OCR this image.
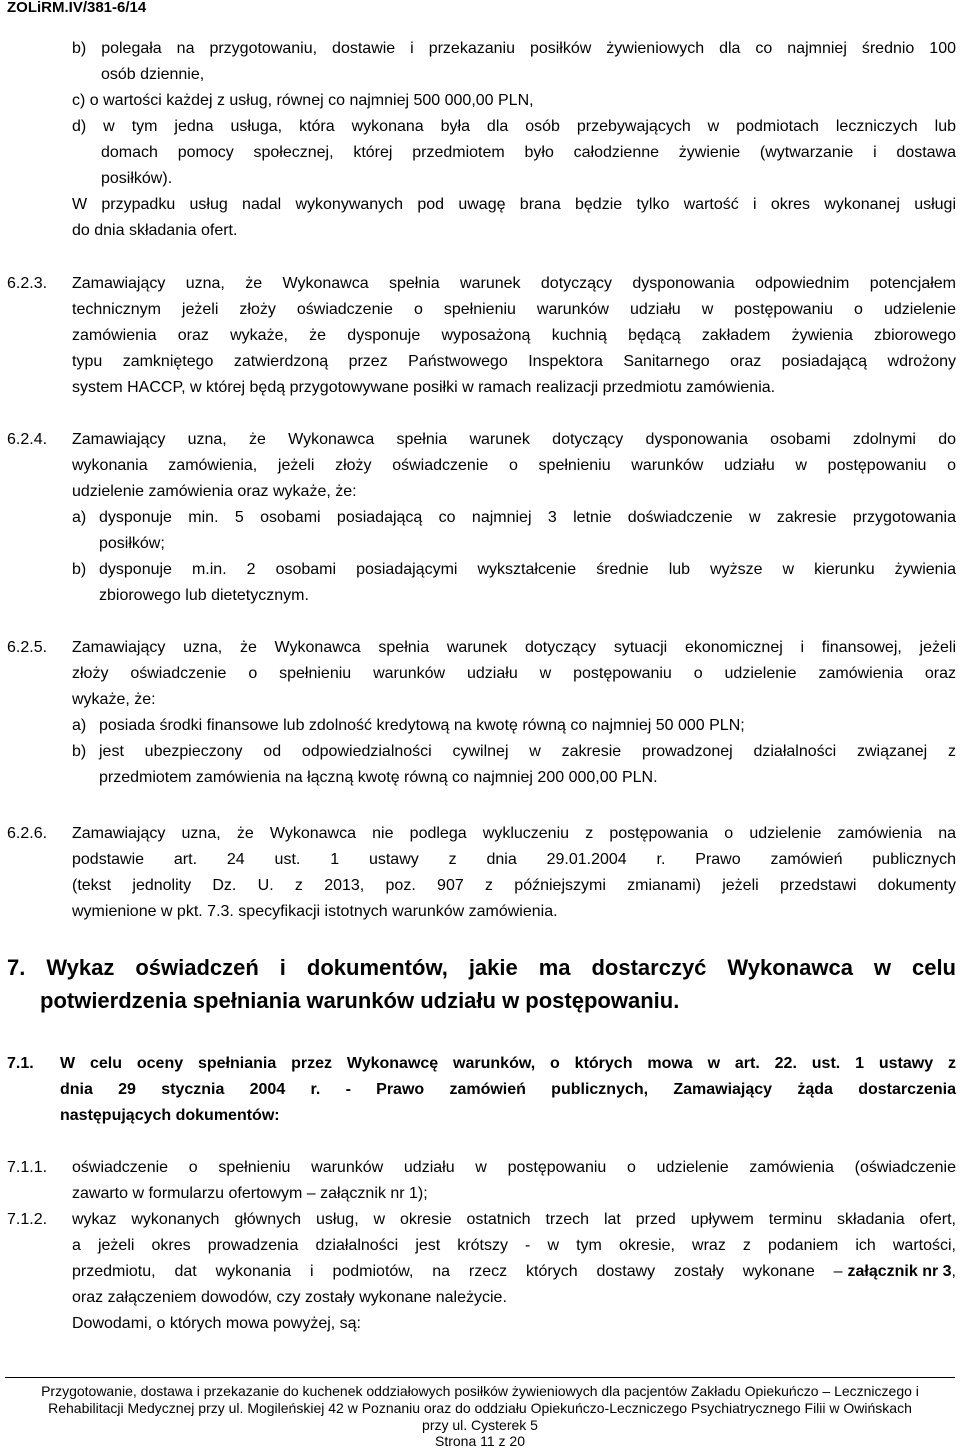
ZOLiRM.IV/381-6/14
b) polegała na przygotowaniu, dostawie i przekazaniu posiłków żywieniowych dla co najmniej średnio 100
osób dziennie,
c) o wartości każdej z usług, równej co najmniej 500 000,00 PLN,
d) w tym jedna usługa, która wykonana była dla osób przebywających w podmiotach leczniczych lub
domach pomocy społecznej, której przedmiotem było całodzienne żywienie (wytwarzanie i dostawa
posiłków).
W przypadku usług nadal wykonywanych pod uwagę brana będzie tylko wartość i okres wykonanej usługi
do dnia składania ofert.
6.2.3. Zamawiający uzna, że Wykonawca spełnia warunek dotyczący dysponowania odpowiednim potencjałem
technicznym jeżeli złoży oświadczenie o spełnieniu warunków udziału w postępowaniu o udzielenie
zamówienia oraz wykaże, że dysponuje wyposażoną kuchnią będącą zakładem żywienia zbiorowego
typu zamkniętego zatwierdzoną przez Państwowego Inspektora Sanitarnego oraz posiadającą wdrożony
system HACCP, w której będą przygotowywane posiłki w ramach realizacji przedmiotu zamówienia.
6.2.4. Zamawiający uzna, że Wykonawca spełnia warunek dotyczący dysponowania osobami zdolnymi do
wykonania zamówienia, jeżeli złoży oświadczenie o spełnieniu warunków udziału w postępowaniu o
udzielenie zamówienia oraz wykaże, że:
a) dysponuje min. 5 osobami posiadającą co najmniej 3 letnie doświadczenie w zakresie przygotowania
posiłków;
b) dysponuje m.in. 2 osobami posiadającymi wykształcenie średnie lub wyższe w kierunku żywienia
zbiorowego lub dietetycznym.
6.2.5. Zamawiający uzna, że Wykonawca spełnia warunek dotyczący sytuacji ekonomicznej i finansowej, jeżeli
złoży oświadczenie o spełnieniu warunków udziału w postępowaniu o udzielenie zamówienia oraz
wykaże, że:
a) posiada środki finansowe lub zdolność kredytową na kwotę równą co najmniej 50 000 PLN;
b) jest ubezpieczony od odpowiedzialności cywilnej w zakresie prowadzonej działalności związanej z
przedmiotem zamówienia na łączną kwotę równą co najmniej 200 000,00 PLN.
6.2.6. Zamawiający uzna, że Wykonawca nie podlega wykluczeniu z postępowania o udzielenie zamówienia na
podstawie art. 24 ust. 1 ustawy z dnia 29.01.2004 r. Prawo zamówień publicznych
(tekst jednolity Dz. U. z 2013, poz. 907 z późniejszymi zmianami) jeżeli przedstawi dokumenty
wymienione w pkt. 7.3. specyfikacji istotnych warunków zamówienia.
7. Wykaz oświadczeń i dokumentów, jakie ma dostarczyć Wykonawca w celu
potwierdzenia spełniania warunków udziału w postępowaniu.
7.1. W celu oceny spełniania przez Wykonawcę warunków, o których mowa w art. 22. ust. 1 ustawy z
dnia 29 stycznia 2004 r. - Prawo zamówień publicznych, Zamawiający żąda dostarczenia
następujących dokumentów:
7.1.1. oświadczenie o spełnieniu warunków udziału w postępowaniu o udzielenie zamówienia (oświadczenie
zawarto w formularzu ofertowym – załącznik nr 1);
7.1.2. wykaz wykonanych głównych usług, w okresie ostatnich trzech lat przed upływem terminu składania ofert,
a jeżeli okres prowadzenia działalności jest krótszy - w tym okresie, wraz z podaniem ich wartości,
przedmiotu, dat wykonania i podmiotów, na rzecz których dostawy zostały wykonane – załącznik nr 3 ,
oraz załączeniem dowodów, czy zostały wykonane należycie.
Dowodami, o których mowa powyżej, są:
Przygotowanie, dostawa i przekazanie do kuchenek oddziałowych posiłków żywieniowych dla pacjentów Zakładu Opiekuńczo – Leczniczego i
Rehabilitacji Medycznej przy ul. Mogileńskiej 42 w Poznaniu oraz do oddziału Opiekuńczo-Leczniczego Psychiatrycznego Filii w Owińskach
przy ul. Cysterek 5
Strona 11 z 20
